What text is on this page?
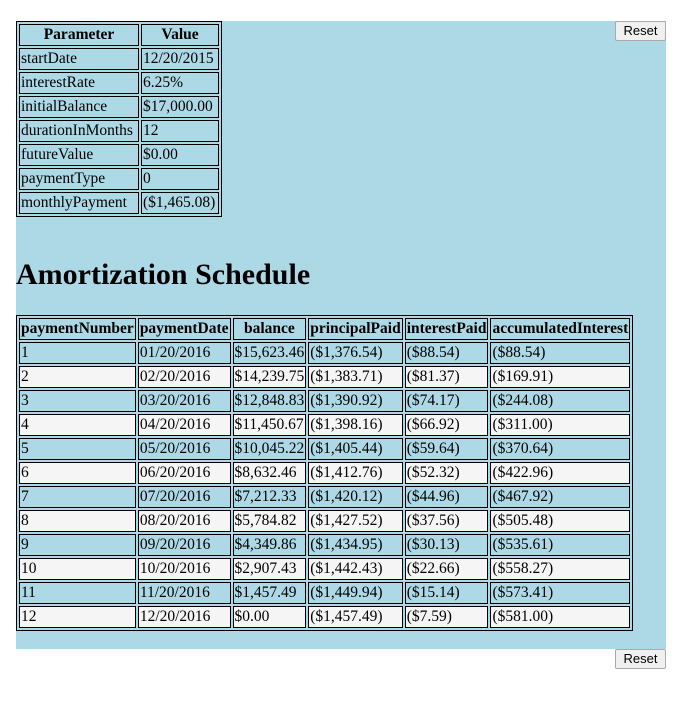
Reset
Parameter	Value
startDate	12/20/2015
interestRate	6.25%
initialBalance	$17,000.00
durationInMonths	12
futureValue	$0.00
paymentType	0
monthlyPayment	($1,465.08)
Amortization Schedule
paymentNumber	paymentDate	balance	principalPaid	interestPaid	accumulatedInterest
1	01/20/2016	$15,623.46	($1,376.54)	($88.54)	($88.54)
2	02/20/2016	$14,239.75	($1,383.71)	($81.37)	($169.91)
3	03/20/2016	$12,848.83	($1,390.92)	($74.17)	($244.08)
4	04/20/2016	$11,450.67	($1,398.16)	($66.92)	($311.00)
5	05/20/2016	$10,045.22	($1,405.44)	($59.64)	($370.64)
6	06/20/2016	$8,632.46	($1,412.76)	($52.32)	($422.96)
7	07/20/2016	$7,212.33	($1,420.12)	($44.96)	($467.92)
8	08/20/2016	$5,784.82	($1,427.52)	($37.56)	($505.48)
9	09/20/2016	$4,349.86	($1,434.95)	($30.13)	($535.61)
10	10/20/2016	$2,907.43	($1,442.43)	($22.66)	($558.27)
11	11/20/2016	$1,457.49	($1,449.94)	($15.14)	($573.41)
12	12/20/2016	$0.00	($1,457.49)	($7.59)	($581.00)
Reset
